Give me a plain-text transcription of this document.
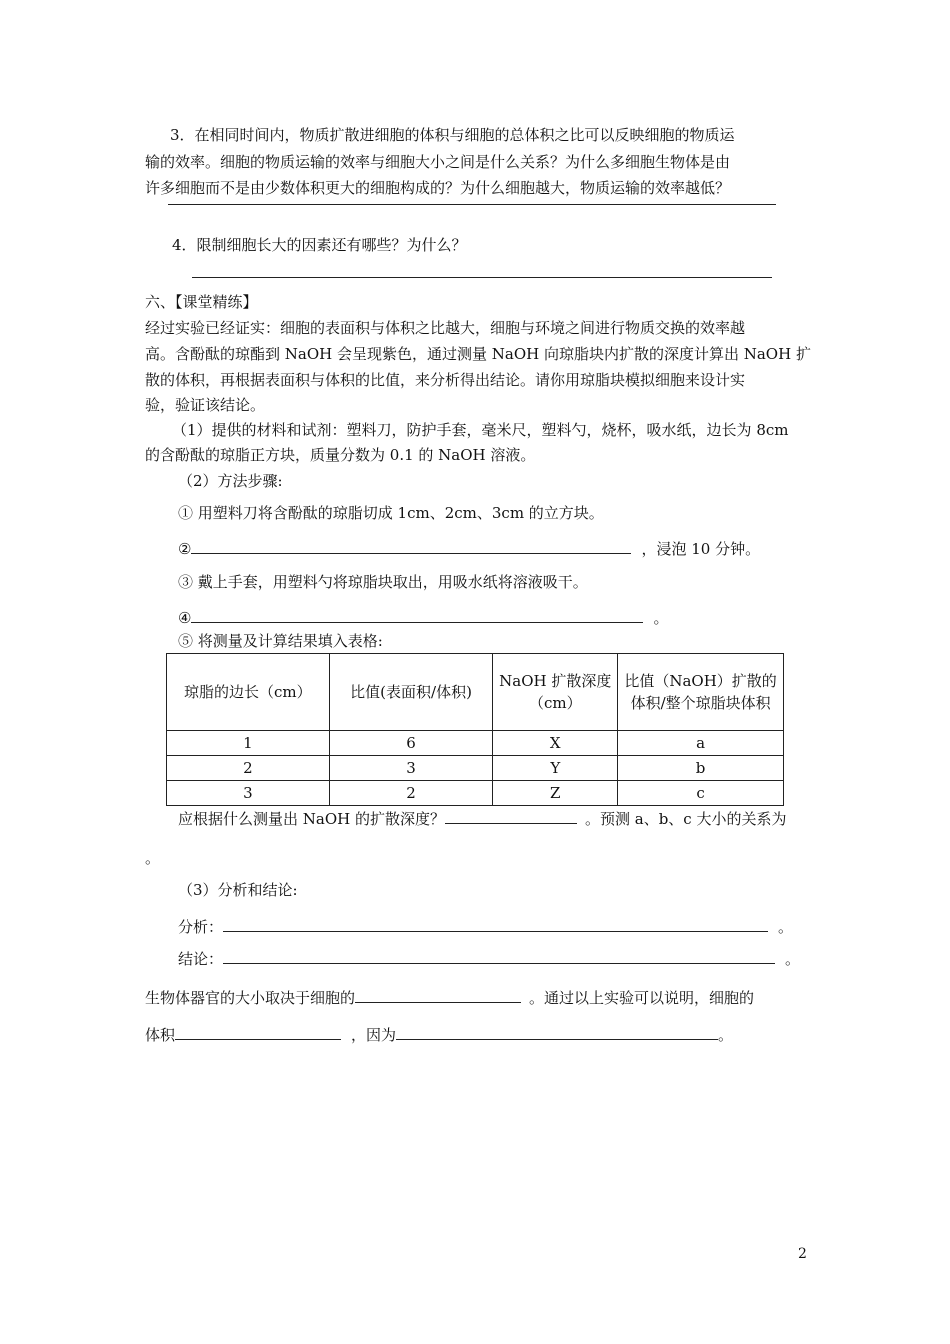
3．在相同时间内，物质扩散进细胞的体积与细胞的总体积之比可以反映细胞的物质运
输的效率。细胞的物质运输的效率与细胞大小之间是什么关系？为什么多细胞生物体是由
许多细胞而不是由少数体积更大的细胞构成的？为什么细胞越大，物质运输的效率越低？
4．限制细胞长大的因素还有哪些？为什么？
六、【课堂精练】
经过实验已经证实：细胞的表面积与体积之比越大，细胞与环境之间进行物质交换的效率越
高。含酚酞的琼酯到 NaOH 会呈现紫色，通过测量 NaOH 向琼脂块内扩散的深度计算出 NaOH 扩
散的体积，再根据表面积与体积的比值，来分析得出结论。请你用琼脂块模拟细胞来设计实
验，验证该结论。
（1）提供的材料和试剂：塑料刀，防护手套，毫米尺，塑料勺，烧杯，吸水纸，边长为 8cm
的含酚酞的琼脂正方块，质量分数为 0.1 的 NaOH 溶液。
（2）方法步骤:
① 用塑料刀将含酚酞的琼脂切成 1cm、2cm、3cm 的立方块。
②	，浸泡 10 分钟。
③ 戴上手套，用塑料勺将琼脂块取出，用吸水纸将溶液吸干。
④	。
⑤ 将测量及计算结果填入表格:
琼脂的边长（cm）	比值(表面积/体积)	NaOH 扩散深度（cm）	比值（NaOH）扩散的体积/整个琼脂块体积
1	6	X	a
2	3	Y	b
3	2	Z	c
应根据什么测量出 NaOH 的扩散深度？	。预测 a、b、c 大小的关系为
。
（3）分析和结论:
分析：	。
结论：	。
生物体器官的大小取决于细胞的	。通过以上实验可以说明，细胞的
体积	，因为	。
2
